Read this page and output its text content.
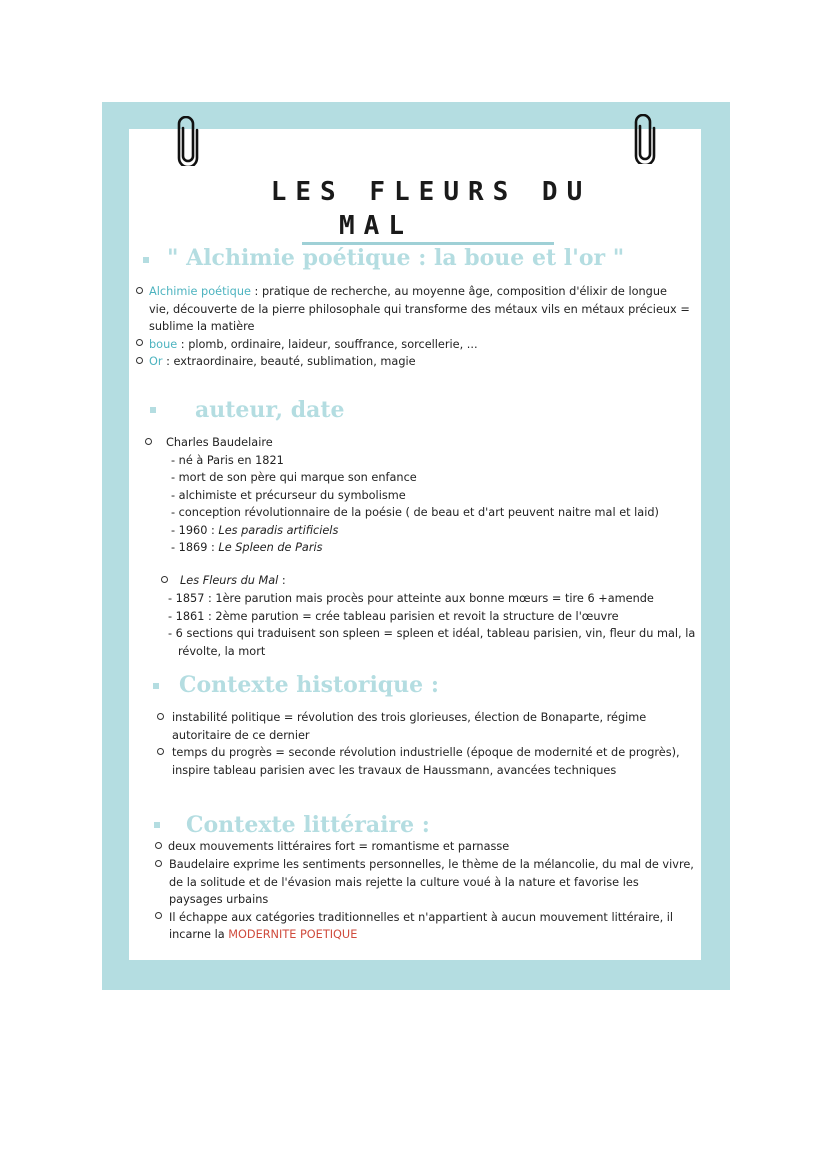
LES FLEURS DU
MAL
" Alchimie poétique : la boue et l'or "
Alchimie poétique : pratique de recherche, au moyenne âge, composition d'élixir de longue
vie, découverte de la pierre philosophale qui transforme des métaux vils en métaux précieux =
sublime la matière
boue : plomb, ordinaire, laideur, souffrance, sorcellerie, ...
Or : extraordinaire, beauté, sublimation, magie
auteur, date
Charles Baudelaire
- né à Paris en 1821
- mort de son père qui marque son enfance
- alchimiste et précurseur du symbolisme
- conception révolutionnaire de la poésie ( de beau et d'art peuvent naitre mal et laid)
- 1960 : Les paradis artificiels
- 1869 : Le Spleen de Paris
Les Fleurs du Mal :
- 1857 : 1ère parution mais procès pour atteinte aux bonne mœurs = tire 6 +amende
- 1861 : 2ème parution = crée tableau parisien et revoit la structure de l'œuvre
- 6 sections qui traduisent son spleen = spleen et idéal, tableau parisien, vin, fleur du mal, la
révolte, la mort
Contexte historique :
instabilité politique = révolution des trois glorieuses, élection de Bonaparte, régime
autoritaire de ce dernier
temps du progrès = seconde révolution industrielle (époque de modernité et de progrès),
inspire tableau parisien avec les travaux de Haussmann, avancées techniques
Contexte littéraire :
deux mouvements littéraires fort = romantisme et parnasse
Baudelaire exprime les sentiments personnelles, le thème de la mélancolie, du mal de vivre,
de la solitude et de l'évasion mais rejette la culture voué à la nature et favorise les
paysages urbains
Il échappe aux catégories traditionnelles et n'appartient à aucun mouvement littéraire, il
incarne la MODERNITE POETIQUE
